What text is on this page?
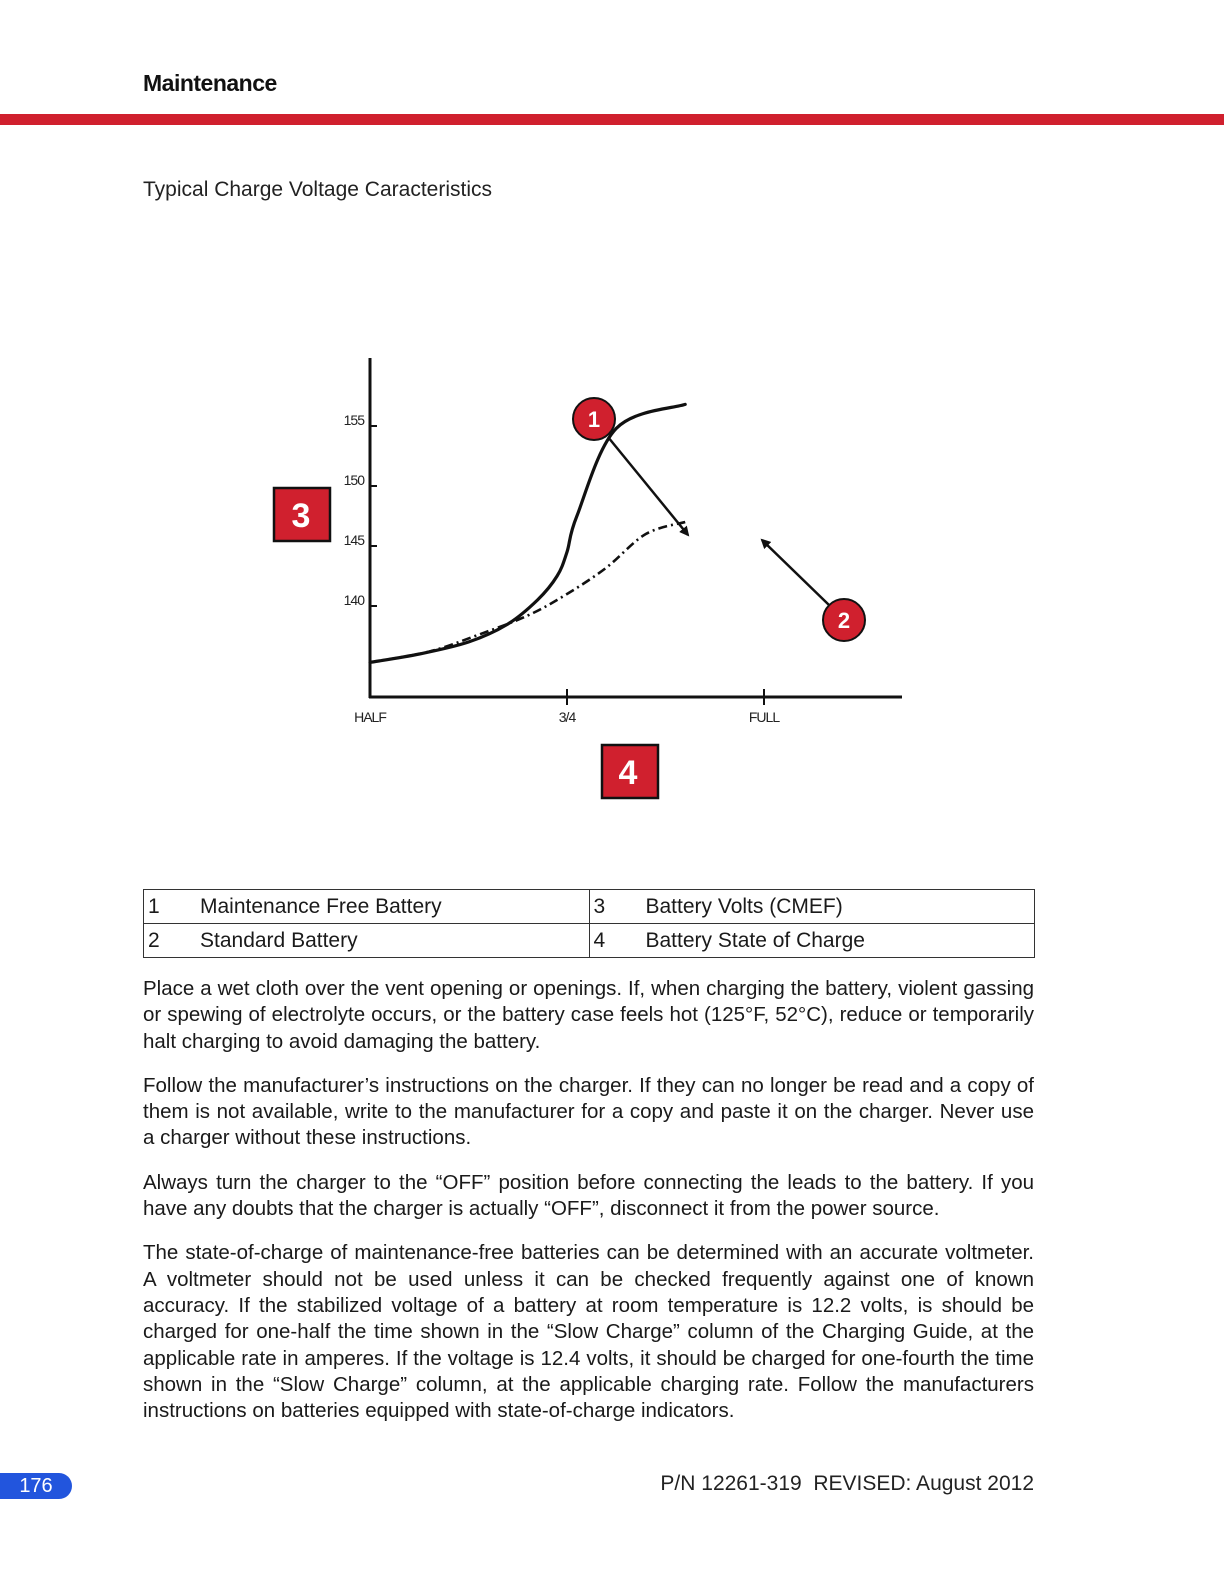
Maintenance
Typical Charge Voltage Caracteristics
140
145
150
155
HALF	3/4	FULL
1
2
3
4
1 Maintenance Free Battery	3 Battery Volts (CMEF)
2 Standard Battery	4 Battery State of Charge

Place a wet cloth over the vent opening or openings. If, when charging the battery, violent gassing or spewing of electrolyte occurs, or the battery case feels hot (125°F, 52°C), reduce or temporarily halt charging to avoid damaging the battery.

Follow the manufacturer’s instructions on the charger. If they can no longer be read and a copy of them is not available, write to the manufacturer for a copy and paste it on the charger. Never use a charger without these instructions.

Always turn the charger to the “OFF” position before connecting the leads to the battery. If you have any doubts that the charger is actually “OFF”, disconnect it from the power source.

The state-of-charge of maintenance-free batteries can be determined with an accurate voltmeter. A voltmeter should not be used unless it can be checked frequently against one of known accuracy. If the stabilized voltage of a battery at room temperature is 12.2 volts, is should be charged for one-half the time shown in the “Slow Charge” column of the Charging Guide, at the applicable rate in amperes. If the voltage is 12.4 volts, it should be charged for one-fourth the time shown in the “Slow Charge” column, at the applicable charging rate. Follow the manufacturers instructions on batteries equipped with state-of-charge indicators.

176	P/N 12261-319  REVISED: August 2012
